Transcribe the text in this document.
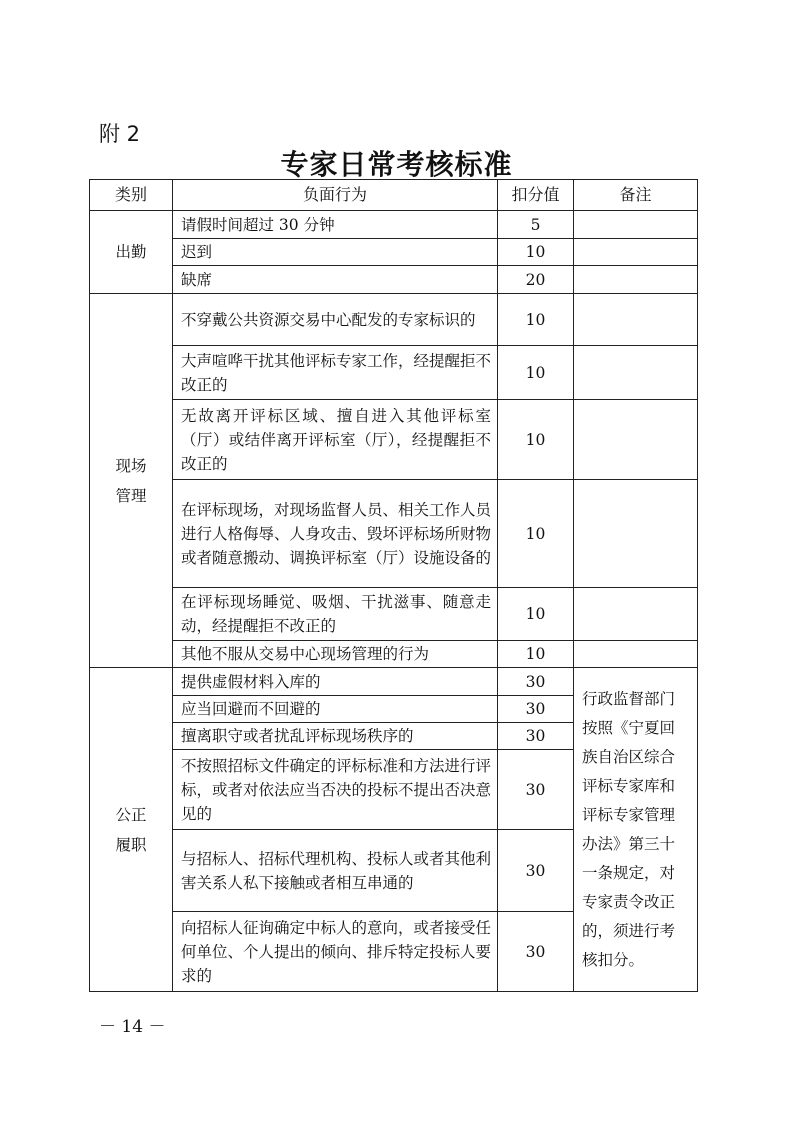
附 2
专家日常考核标准
类别	负面行为	扣分值	备注
出勤	请假时间超过 30 分钟	5	
	迟到	10	
	缺席	20	
现场管理	不穿戴公共资源交易中心配发的专家标识的	10	
	大声喧哗干扰其他评标专家工作，经提醒拒不改正的	10	
	无故离开评标区域、擅自进入其他评标室（厅）或结伴离开评标室（厅），经提醒拒不改正的	10	
	在评标现场，对现场监督人员、相关工作人员进行人格侮辱、人身攻击、毁坏评标场所财物或者随意搬动、调换评标室（厅）设施设备的	10	
	在评标现场睡觉、吸烟、干扰滋事、随意走动，经提醒拒不改正的	10	
	其他不服从交易中心现场管理的行为	10	
公正履职	提供虚假材料入库的	30	行政监督部门按照《宁夏回族自治区综合评标专家库和评标专家管理办法》第三十一条规定，对专家责令改正的，须进行考核扣分。
	应当回避而不回避的	30	
	擅离职守或者扰乱评标现场秩序的	30	
	不按照招标文件确定的评标标准和方法进行评标，或者对依法应当否决的投标不提出否决意见的	30	
	与招标人、招标代理机构、投标人或者其他利害关系人私下接触或者相互串通的	30	
	向招标人征询确定中标人的意向，或者接受任何单位、个人提出的倾向、排斥特定投标人要求的	30	
－ 14 －
